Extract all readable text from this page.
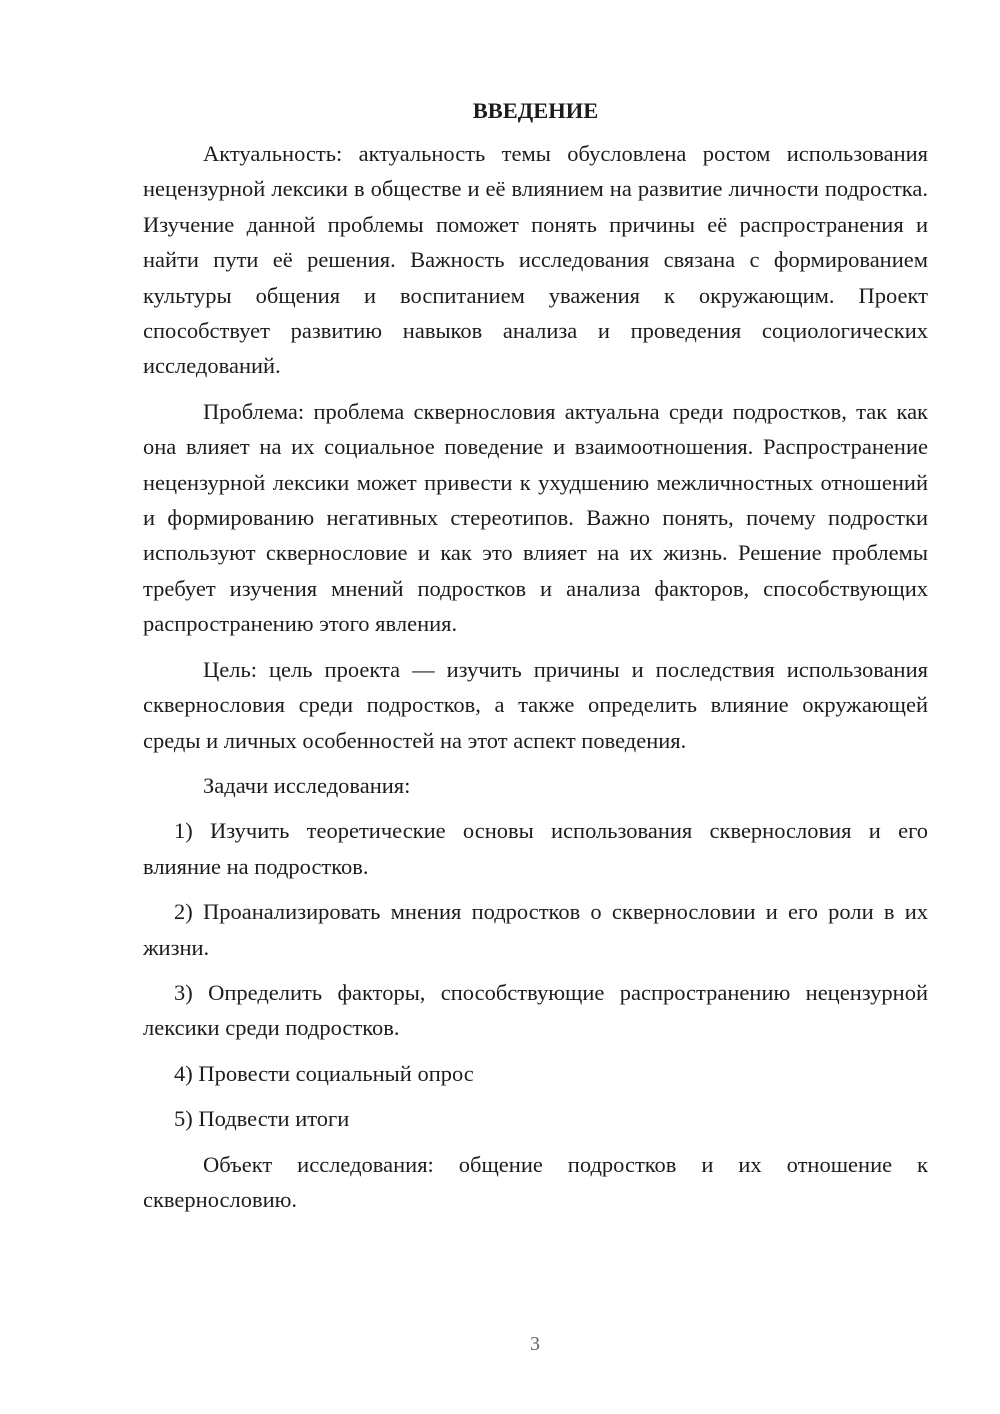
ВВЕДЕНИЕ

Актуальность: актуальность темы обусловлена ростом использования нецензурной лексики в обществе и её влиянием на развитие личности подростка. Изучение данной проблемы поможет понять причины её распространения и найти пути её решения. Важность исследования связана с формированием культуры общения и воспитанием уважения к окружающим. Проект способствует развитию навыков анализа и проведения социологических исследований.

Проблема: проблема сквернословия актуальна среди подростков, так как она влияет на их социальное поведение и взаимоотношения. Распространение нецензурной лексики может привести к ухудшению межличностных отношений и формированию негативных стереотипов. Важно понять, почему подростки используют сквернословие и как это влияет на их жизнь. Решение проблемы требует изучения мнений подростков и анализа факторов, способствующих распространению этого явления.

Цель: цель проекта — изучить причины и последствия использования сквернословия среди подростков, а также определить влияние окружающей среды и личных особенностей на этот аспект поведения.

Задачи исследования:

1) Изучить теоретические основы использования сквернословия и его влияние на подростков.

2) Проанализировать мнения подростков о сквернословии и его роли в их жизни.

3) Определить факторы, способствующие распространению нецензурной лексики среди подростков.

4) Провести социальный опрос

5) Подвести итоги

Объект исследования: общение подростков и их отношение к сквернословию.

3
